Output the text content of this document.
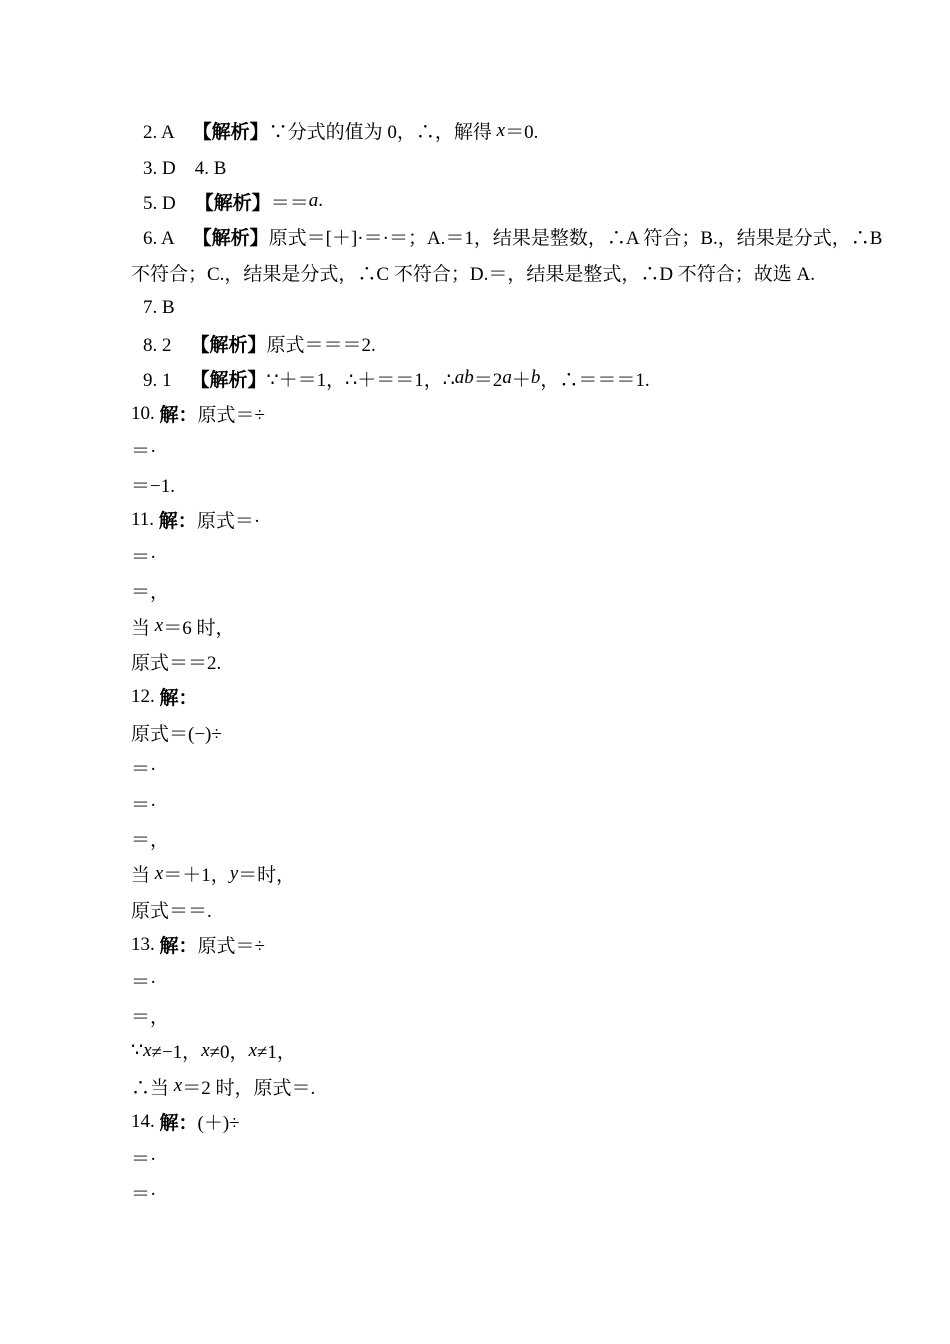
2. A　 【解析】 ∵分式的值为 0，∴，解得 x ＝0.
3. D　4. B
5. D　 【解析】 ＝＝ a .
6. A　 【解析】 原式＝[＋]·＝·＝；A.＝1，结果是整数，∴A 符合；B.，结果是分式，∴B
不符合；C.，结果是分式，∴C 不符合；D.＝，结果是整式，∴D 不符合；故选 A.
7. B
8. 2　 【解析】 原式＝＝＝2.
9. 1　 【解析】 ∵＋＝1，∴＋＝＝1，∴ ab ＝2 a ＋ b ，∴＝＝＝1.
10. 解： 原式＝÷
＝·
＝−1.
11. 解： 原式＝·
＝·
＝，
当 x ＝6 时，
原式＝＝2.
12. 解：
原式＝(−)÷
＝·
＝·
＝，
当 x ＝＋1， y ＝时，
原式＝＝.
13. 解： 原式＝÷
＝·
＝，
∵ x ≠−1， x ≠0， x ≠1，
∴当 x ＝2 时，原式＝.
14. 解： (＋)÷
＝·
＝·
